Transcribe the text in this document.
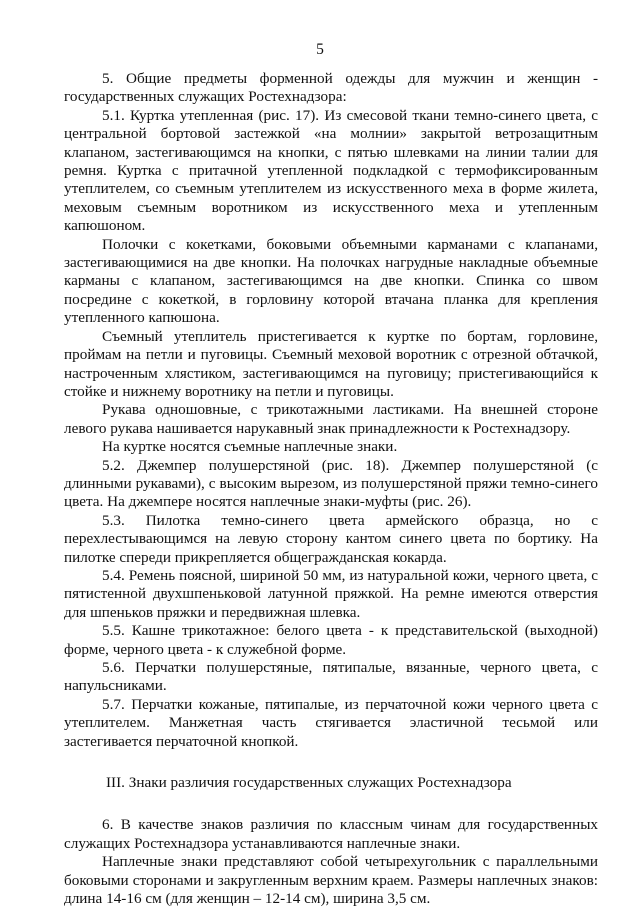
5

5. Общие предметы форменной одежды для мужчин и женщин - государственных служащих Ростехнадзора:

5.1. Куртка утепленная (рис. 17). Из смесовой ткани темно-синего цвета, с центральной бортовой застежкой «на молнии» закрытой ветрозащитным клапаном, застегивающимся на кнопки, с пятью шлевками на линии талии для ремня. Куртка с притачной утепленной подкладкой с термофиксированным утеплителем, со съемным утеплителем из искусственного меха в форме жилета, меховым съемным воротником из искусственного меха и утепленным капюшоном.

Полочки с кокетками, боковыми объемными карманами с клапанами, застегивающимися на две кнопки. На полочках нагрудные накладные объемные карманы с клапаном, застегивающимся на две кнопки. Спинка со швом посредине с кокеткой, в горловину которой втачана планка для крепления утепленного капюшона.

Съемный утеплитель пристегивается к куртке по бортам, горловине, проймам на петли и пуговицы. Съемный меховой воротник с отрезной обтачкой, настроченным хлястиком, застегивающимся на пуговицу; пристегивающийся к стойке и нижнему воротнику на петли и пуговицы.

Рукава одношовные, с трикотажными ластиками. На внешней стороне левого рукава нашивается нарукавный знак принадлежности к Ростехнадзору.

На куртке носятся съемные наплечные знаки.

5.2. Джемпер полушерстяной (рис. 18). Джемпер полушерстяной (с длинными рукавами), с высоким вырезом, из полушерстяной пряжи темно-синего цвета. На джемпере носятся наплечные знаки-муфты (рис. 26).

5.3. Пилотка темно-синего цвета армейского образца, но с перехлестывающимся на левую сторону кантом синего цвета по бортику. На пилотке спереди прикрепляется общегражданская кокарда.

5.4. Ремень поясной, шириной 50 мм, из натуральной кожи, черного цвета, с пятистенной двухшпеньковой латунной пряжкой. На ремне имеются отверстия для шпеньков пряжки и передвижная шлевка.

5.5. Кашне трикотажное: белого цвета - к представительской (выходной) форме, черного цвета - к служебной форме.

5.6. Перчатки полушерстяные, пятипалые, вязанные, черного цвета, с напульсниками.

5.7. Перчатки кожаные, пятипалые, из перчаточной кожи черного цвета с утеплителем. Манжетная часть стягивается эластичной тесьмой или застегивается перчаточной кнопкой.

III. Знаки различия государственных служащих Ростехнадзора

6. В качестве знаков различия по классным чинам для государственных служащих Ростехнадзора устанавливаются наплечные знаки.

Наплечные знаки представляют собой четырехугольник с параллельными боковыми сторонами и закругленным верхним краем. Размеры наплечных знаков: длина 14-16 см (для женщин – 12-14 см), ширина 3,5 см.
